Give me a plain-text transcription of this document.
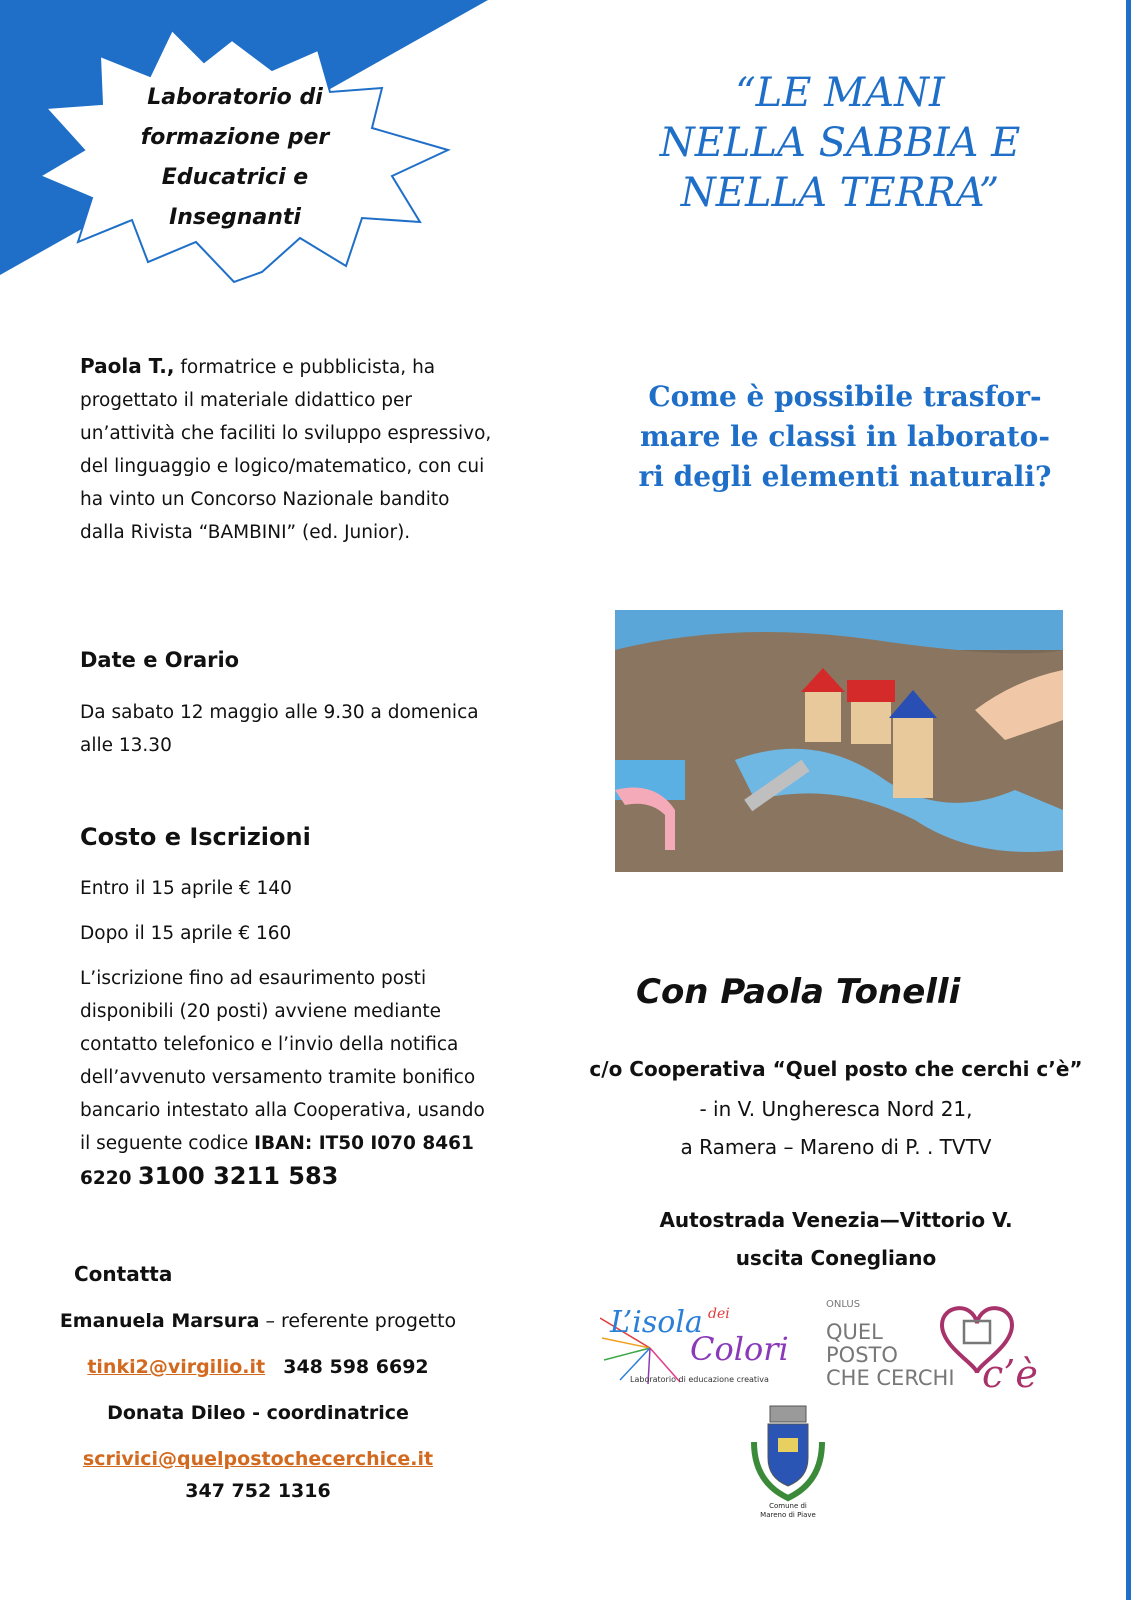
Laboratorio di
formazione per
Educatrici e
Insegnanti
“LE MANI
NELLA SABBIA E
NELLA TERRA”
Come è possibile trasfor-
mare le classi in laborato-
ri degli elementi naturali?
Paola T., formatrice e pubblicista, ha progettato il materiale didattico per un’attività che faciliti lo sviluppo espressivo, del linguaggio e logico/matematico, con cui ha vinto un Concorso Nazionale bandito dalla Rivista “BAMBINI” (ed. Junior).
Date e Orario
Da sabato 12 maggio alle 9.30 a domenica alle 13.30
Costo e Iscrizioni
Entro il 15 aprile € 140
Dopo il 15 aprile € 160
L’iscrizione fino ad esaurimento posti disponibili (20 posti) avviene mediante contatto telefonico e l’invio della notifica dell’avvenuto versamento tramite bonifico bancario intestato alla Cooperativa, usando il seguente codice IBAN: IT50 I070 8461 6220 3100 3211 583
Contatta
Emanuela Marsura – referente progetto
tinki2@virgilio.it 348 598 6692
Donata Dileo - coordinatrice
scrivici@quelpostochecerchice.it
347 752 1316
Con Paola Tonelli
c/o Cooperativa “Quel posto che cerchi c’è”
- in V. Ungheresca Nord 21,
a Ramera – Mareno di P. . TVTV
Autostrada Venezia—Vittorio V.
uscita Conegliano
L’isola dei
Colori
Laboratorio di educazione creativa
ONLUS
QUEL
POSTO
CHE CERCHI c’è
Comune di
Mareno di Piave
